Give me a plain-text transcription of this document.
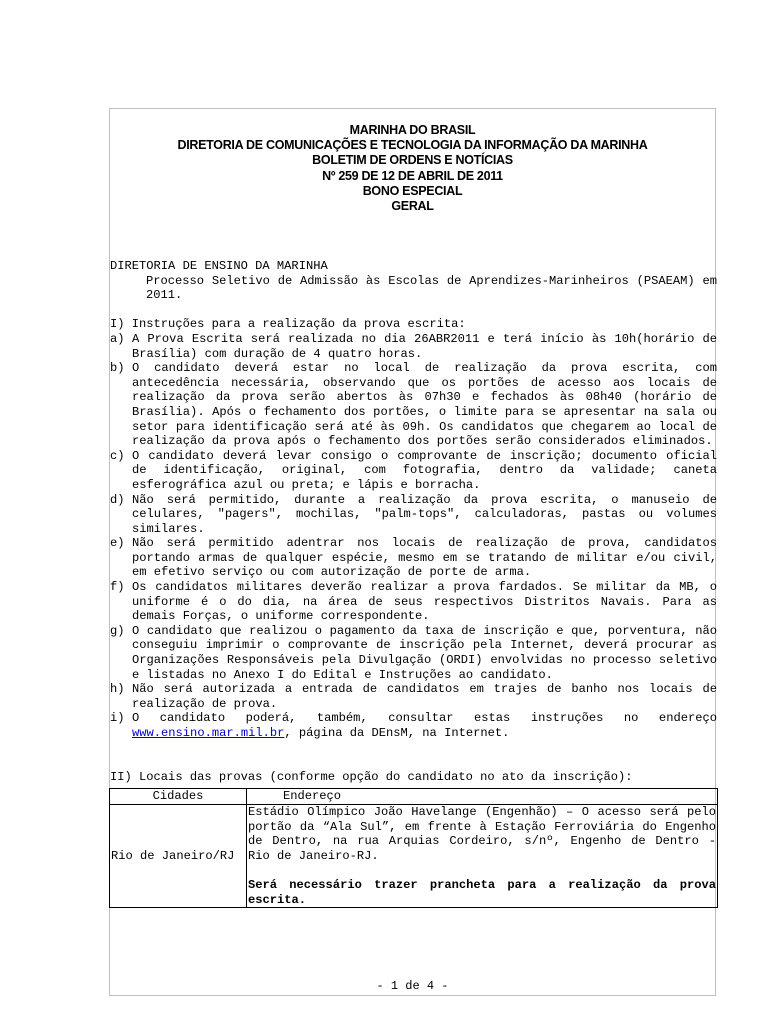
MARINHA DO BRASIL
DIRETORIA DE COMUNICAÇÕES E TECNOLOGIA DA INFORMAÇÃO DA MARINHA
BOLETIM DE ORDENS E NOTÍCIAS
Nº 259 DE 12 DE ABRIL DE 2011
BONO ESPECIAL
GERAL

DIRETORIA DE ENSINO DA MARINHA

Processo Seletivo de Admissão às Escolas de Aprendizes-Marinheiros (PSAEAM) em 2011.

I) Instruções para a realização da prova escrita:

a) A Prova Escrita será realizada no dia 26ABR2011 e terá início às 10h(horário de Brasília) com duração de 4 quatro horas.
b) O candidato deverá estar no local de realização da prova escrita, com antecedência necessária, observando que os portões de acesso aos locais de realização da prova serão abertos às 07h30 e fechados às 08h40 (horário de Brasília). Após o fechamento dos portões, o limite para se apresentar na sala ou setor para identificação será até às 09h. Os candidatos que chegarem ao local de realização da prova após o fechamento dos portões serão considerados eliminados.
c) O candidato deverá levar consigo o comprovante de inscrição; documento oficial de identificação, original, com fotografia, dentro da validade; caneta esferográfica azul ou preta; e lápis e borracha.
d) Não será permitido, durante a realização da prova escrita, o manuseio de celulares, "pagers", mochilas, "palm-tops", calculadoras, pastas ou volumes similares.
e) Não será permitido adentrar nos locais de realização de prova, candidatos portando armas de qualquer espécie, mesmo em se tratando de militar e/ou civil, em efetivo serviço ou com autorização de porte de arma.
f) Os candidatos militares deverão realizar a prova fardados. Se militar da MB, o uniforme é o do dia, na área de seus respectivos Distritos Navais. Para as demais Forças, o uniforme correspondente.
g) O candidato que realizou o pagamento da taxa de inscrição e que, porventura, não conseguiu imprimir o comprovante de inscrição pela Internet, deverá procurar as Organizações Responsáveis pela Divulgação (ORDI) envolvidas no processo seletivo e listadas no Anexo I do Edital e Instruções ao candidato.
h) Não será autorizada a entrada de candidatos em trajes de banho nos locais de realização de prova.
i) O candidato poderá, também, consultar estas instruções no endereço www.ensino.mar.mil.br, página da DEnsM, na Internet.

II) Locais das provas (conforme opção do candidato no ato da inscrição):

Cidades	Endereço
Rio de Janeiro/RJ	Estádio Olímpico João Havelange (Engenhão) – O acesso será pelo portão da “Ala Sul”, em frente à Estação Ferroviária do Engenho de Dentro, na rua Arquias Cordeiro, s/nº, Engenho de Dentro - Rio de Janeiro-RJ.
Será necessário trazer prancheta para a realização da prova escrita.
- 1 de 4 -
